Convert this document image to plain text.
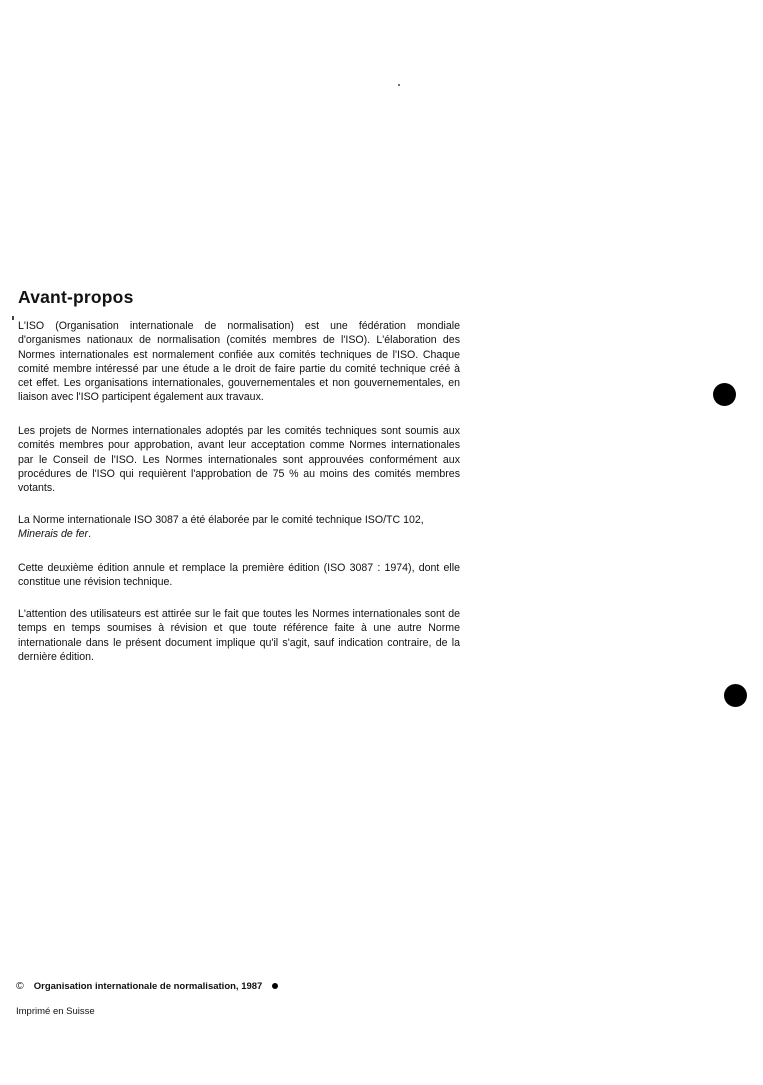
Avant-propos

L'ISO (Organisation internationale de normalisation) est une fédération mondiale d'organismes nationaux de normalisation (comités membres de l'ISO). L'élaboration des Normes internationales est normalement confiée aux comités techniques de l'ISO. Chaque comité membre intéressé par une étude a le droit de faire partie du comité technique créé à cet effet. Les organisations internationales, gouvernementales et non gouvernementales, en liaison avec l'ISO participent également aux travaux.

Les projets de Normes internationales adoptés par les comités techniques sont soumis aux comités membres pour approbation, avant leur acceptation comme Normes internationales par le Conseil de l'ISO. Les Normes internationales sont approuvées conformément aux procédures de l'ISO qui requièrent l'approbation de 75 % au moins des comités membres votants.

La Norme internationale ISO 3087 a été élaborée par le comité technique ISO/TC 102,
Minerais de fer.

Cette deuxième édition annule et remplace la première édition (ISO 3087 : 1974), dont elle constitue une révision technique.

L'attention des utilisateurs est attirée sur le fait que toutes les Normes internationales sont de temps en temps soumises à révision et que toute référence faite à une autre Norme internationale dans le présent document implique qu'il s'agit, sauf indication contraire, de la dernière édition.

© Organisation internationale de normalisation, 1987

Imprimé en Suisse
